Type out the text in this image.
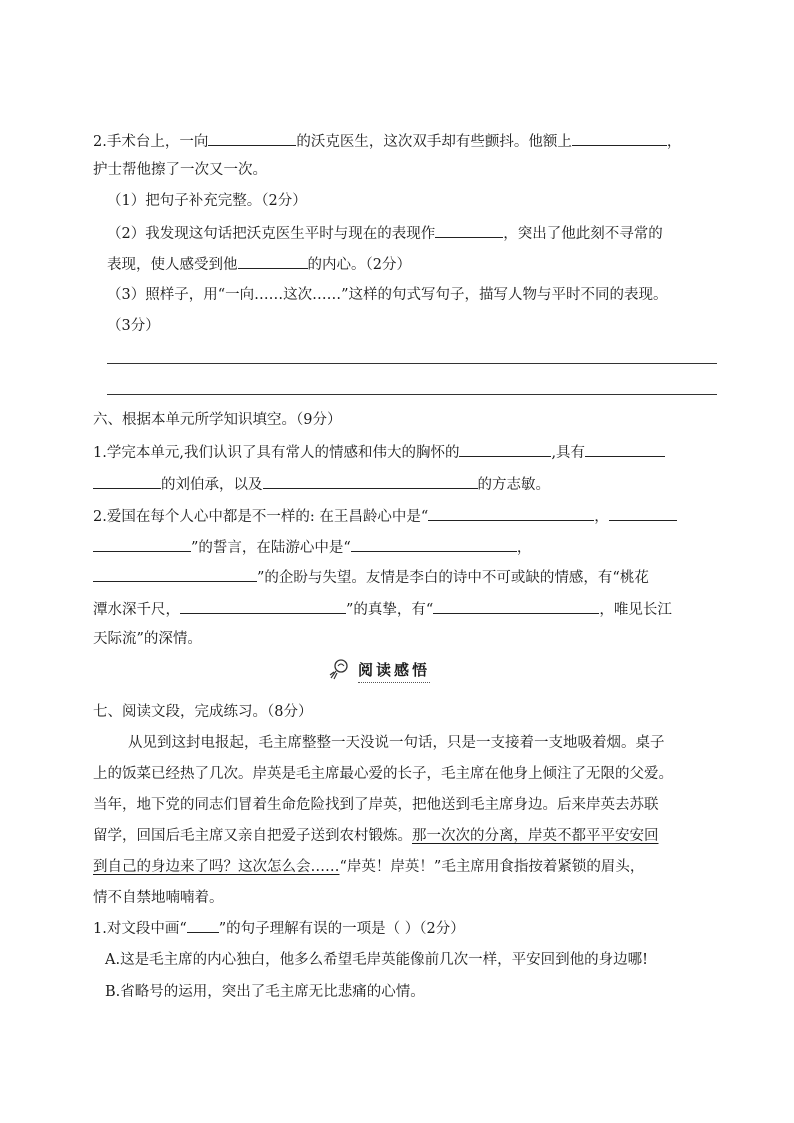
2.手术台上，一向	的沃克医生，这次双手却有些颤抖。他额上	，
护士帮他擦了一次又一次。
（1）把句子补充完整。（2分）
（2）我发现这句话把沃克医生平时与现在的表现作	，突出了他此刻不寻常的
表现，使人感受到他	的内心。（2分）
（3）照样子，用“一向……这次……”这样的句式写句子，描写人物与平时不同的表现。
（3分）
六、根据本单元所学知识填空。（9分）
1.学完本单元,我们认识了具有常人的情感和伟大的胸怀的	,具有
的刘伯承，以及	的方志敏。
2.爱国在每个人心中都是不一样的: 在王昌龄心中是“	，
”的誓言，在陆游心中是“	，
”的企盼与失望。友情是李白的诗中不可或缺的情感，有“桃花
潭水深千尺，	”的真挚，有“	，唯见长江
天际流”的深情。
阅读感悟
七、阅读文段，完成练习。（8分）
从见到这封电报起，毛主席整整一天没说一句话，只是一支接着一支地吸着烟。桌子
上的饭菜已经热了几次。岸英是毛主席最心爱的长子，毛主席在他身上倾注了无限的父爱。
当年，地下党的同志们冒着生命危险找到了岸英，把他送到毛主席身边。后来岸英去苏联
留学，回国后毛主席又亲自把爱子送到农村锻炼。那一次次的分离，岸英不都平平安安回
到自己的身边来了吗？这次怎么会……“岸英！岸英！”毛主席用食指按着紧锁的眉头，
情不自禁地喃喃着。
1.对文段中画“ ”的句子理解有误的一项是（ ）（2分）
A.这是毛主席的内心独白，他多么希望毛岸英能像前几次一样，平安回到他的身边哪!
B.省略号的运用，突出了毛主席无比悲痛的心情。
